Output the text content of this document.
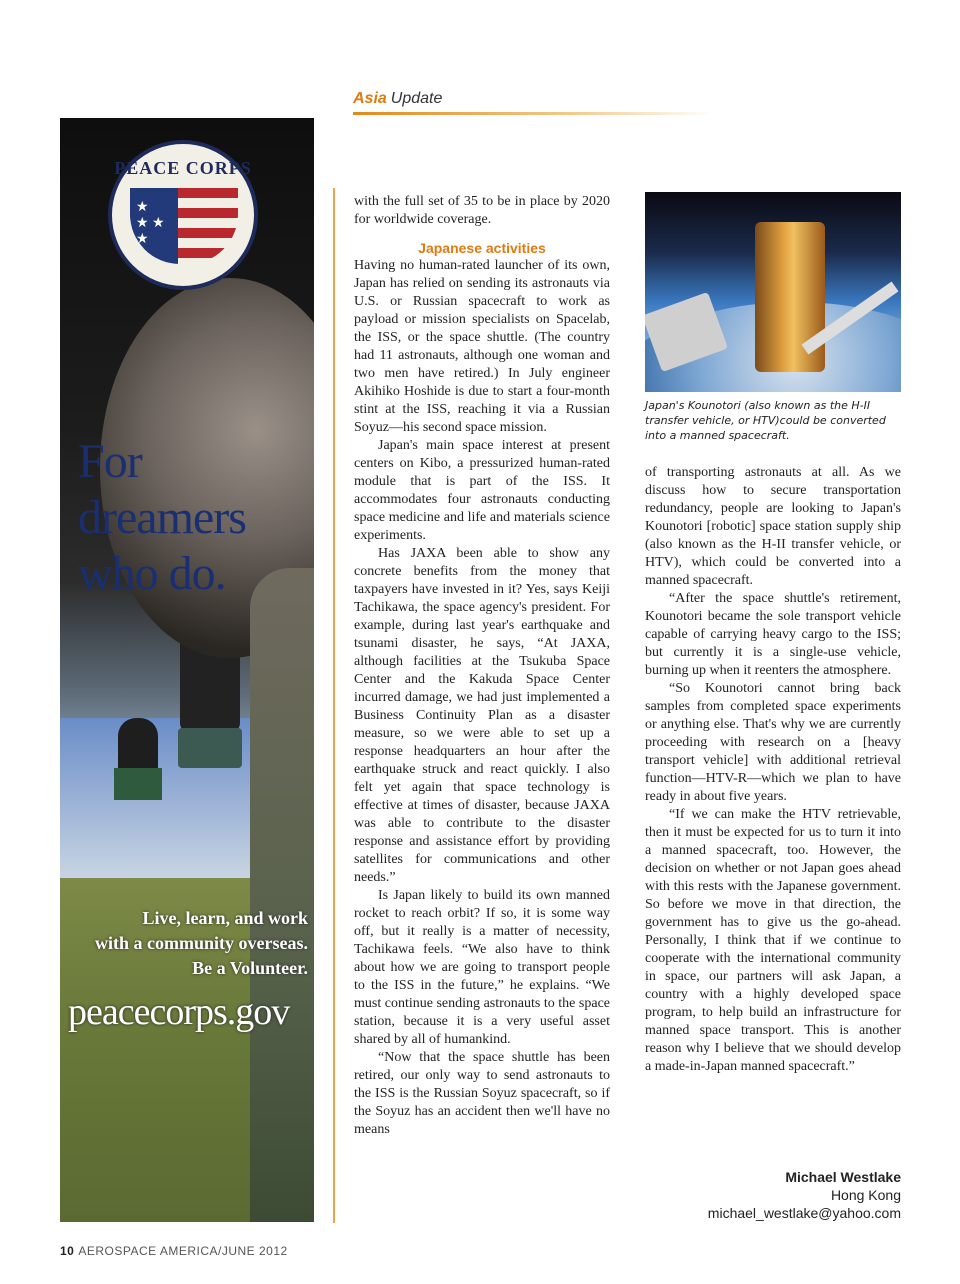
Asia Update
PEACE CORPS
★
★ ★
★
For
dreamers
who do.
Live, learn, and work
with a community overseas.
Be a Volunteer.
peacecorps.gov

with the full set of 35 to be in place by 2020 for worldwide coverage.

Japanese activities

Having no human-rated launcher of its own, Japan has relied on sending its astronauts via U.S. or Russian spacecraft to work as payload or mission specialists on Spacelab, the ISS, or the space shuttle. (The country had 11 astronauts, although one woman and two men have retired.) In July engineer Akihiko Hoshide is due to start a four-month stint at the ISS, reaching it via a Russian Soyuz—his second space mission.

Japan's main space interest at present centers on Kibo, a pressurized human-rated module that is part of the ISS. It accommodates four astronauts conducting space medicine and life and materials science experiments.

Has JAXA been able to show any concrete benefits from the money that taxpayers have invested in it? Yes, says Keiji Tachikawa, the space agency's president. For example, during last year's earthquake and tsunami disaster, he says, “At JAXA, although facilities at the Tsukuba Space Center and the Kakuda Space Center incurred damage, we had just implemented a Business Continuity Plan as a disaster measure, so we were able to set up a response headquarters an hour after the earthquake struck and react quickly. I also felt yet again that space technology is effective at times of disaster, because JAXA was able to contribute to the disaster response and assistance effort by providing satellites for communications and other needs.”

Is Japan likely to build its own manned rocket to reach orbit? If so, it is some way off, but it really is a matter of necessity, Tachikawa feels. “We also have to think about how we are going to transport people to the ISS in the future,” he explains. “We must continue sending astronauts to the space station, because it is a very useful asset shared by all of humankind.

“Now that the space shuttle has been retired, our only way to send astronauts to the ISS is the Russian Soyuz spacecraft, so if the Soyuz has an accident then we'll have no means

Japan's Kounotori (also known as the H-II transfer vehicle, or HTV)could be converted into a manned spacecraft.

of transporting astronauts at all. As we discuss how to secure transportation redundancy, people are looking to Japan's Kounotori [robotic] space station supply ship (also known as the H-II transfer vehicle, or HTV), which could be converted into a manned spacecraft.

“After the space shuttle's retirement, Kounotori became the sole transport vehicle capable of carrying heavy cargo to the ISS; but currently it is a single-use vehicle, burning up when it reenters the atmosphere.

“So Kounotori cannot bring back samples from completed space experiments or anything else. That's why we are currently proceeding with research on a [heavy transport vehicle] with additional retrieval function—HTV-R—which we plan to have ready in about five years.

“If we can make the HTV retrievable, then it must be expected for us to turn it into a manned spacecraft, too. However, the decision on whether or not Japan goes ahead with this rests with the Japanese government. So before we move in that direction, the government has to give us the go-ahead. Personally, I think that if we continue to cooperate with the international community in space, our partners will ask Japan, a country with a highly developed space program, to help build an infrastructure for manned space transport. This is another reason why I believe that we should develop a made-in-Japan manned spacecraft.”

Michael Westlake
Hong Kong
michael_westlake@yahoo.com
10 AEROSPACE AMERICA/JUNE 2012
